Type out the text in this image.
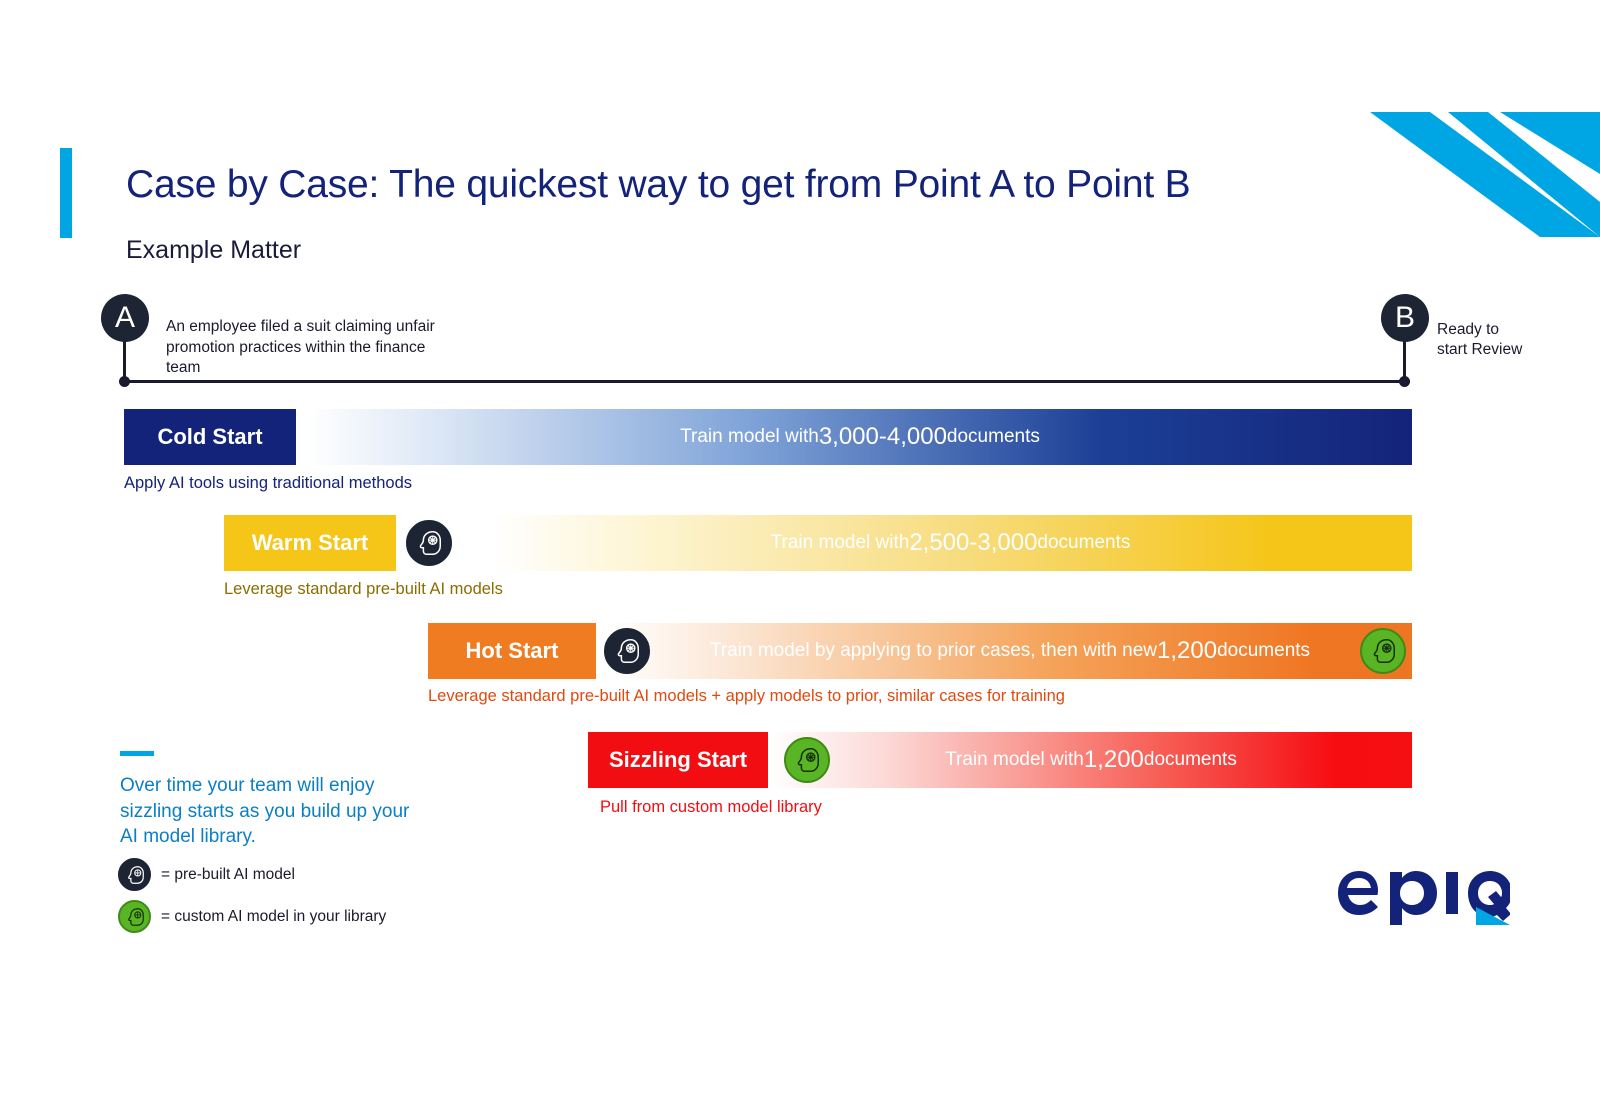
Case by Case: The quickest way to get from Point A to Point B
Example Matter
A	B
An employee filed a suit claiming unfair promotion practices within the finance team
Ready to start Review
Train model with 3,000-4,000 documents
Cold Start
Apply AI tools using traditional methods
Train model with 2,500-3,000 documents
Warm Start
Leverage standard pre-built AI models
Train model by applying to prior cases, then with new 1,200 documents
Hot Start
Leverage standard pre-built AI models + apply models to prior, similar cases for training
Train model with 1,200 documents
Sizzling Start
Pull from custom model library
Over time your team will enjoy sizzling starts as you build up your AI model library.
= pre-built AI model
= custom AI model in your library
